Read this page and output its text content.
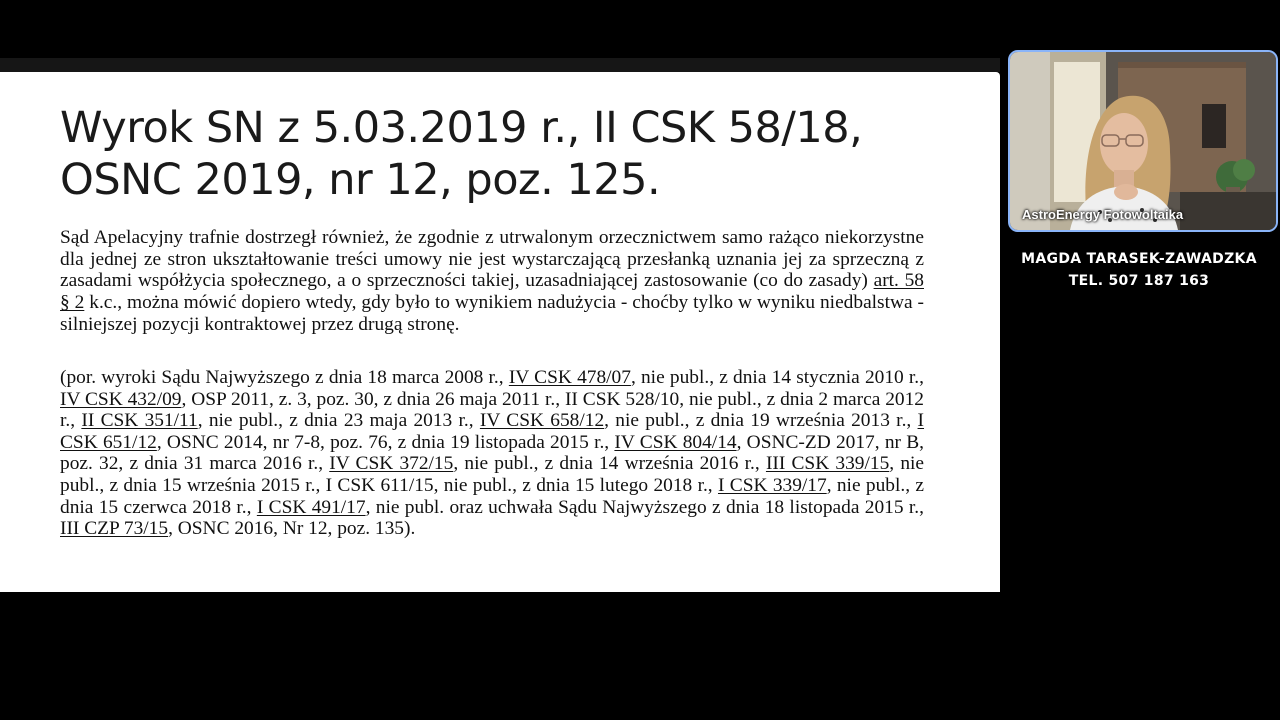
Wyrok SN z 5.03.2019 r., II CSK 58/18,
OSNC 2019, nr 12, poz. 125.

Sąd Apelacyjny trafnie dostrzegł również, że zgodnie z utrwalonym orzecznictwem samo rażąco niekorzystne dla jednej ze stron ukształtowanie treści umowy nie jest wystarczającą przesłanką uznania jej za sprzeczną z zasadami współżycia społecznego, a o sprzeczności takiej, uzasadniającej zastosowanie (co do zasady) art. 58 § 2 k.c., można mówić dopiero wtedy, gdy było to wynikiem nadużycia - choćby tylko w wyniku niedbalstwa - silniejszej pozycji kontraktowej przez drugą stronę.

(por. wyroki Sądu Najwyższego z dnia 18 marca 2008 r., IV CSK 478/07, nie publ., z dnia 14 stycznia 2010 r., IV CSK 432/09, OSP 2011, z. 3, poz. 30, z dnia 26 maja 2011 r., II CSK 528/10, nie publ., z dnia 2 marca 2012 r., II CSK 351/11, nie publ., z dnia 23 maja 2013 r., IV CSK 658/12, nie publ., z dnia 19 września 2013 r., I CSK 651/12, OSNC 2014, nr 7-8, poz. 76, z dnia 19 listopada 2015 r., IV CSK 804/14, OSNC-ZD 2017, nr B, poz. 32, z dnia 31 marca 2016 r., IV CSK 372/15, nie publ., z dnia 14 września 2016 r., III CSK 339/15, nie publ., z dnia 15 września 2015 r., I CSK 611/15, nie publ., z dnia 15 lutego 2018 r., I CSK 339/17, nie publ., z dnia 15 czerwca 2018 r., I CSK 491/17, nie publ. oraz uchwała Sądu Najwyższego z dnia 18 listopada 2015 r., III CZP 73/15, OSNC 2016, Nr 12, poz. 135).

AstroEnergy Fotowoltaika
MAGDA TARASEK-ZAWADZKA
TEL. 507 187 163
